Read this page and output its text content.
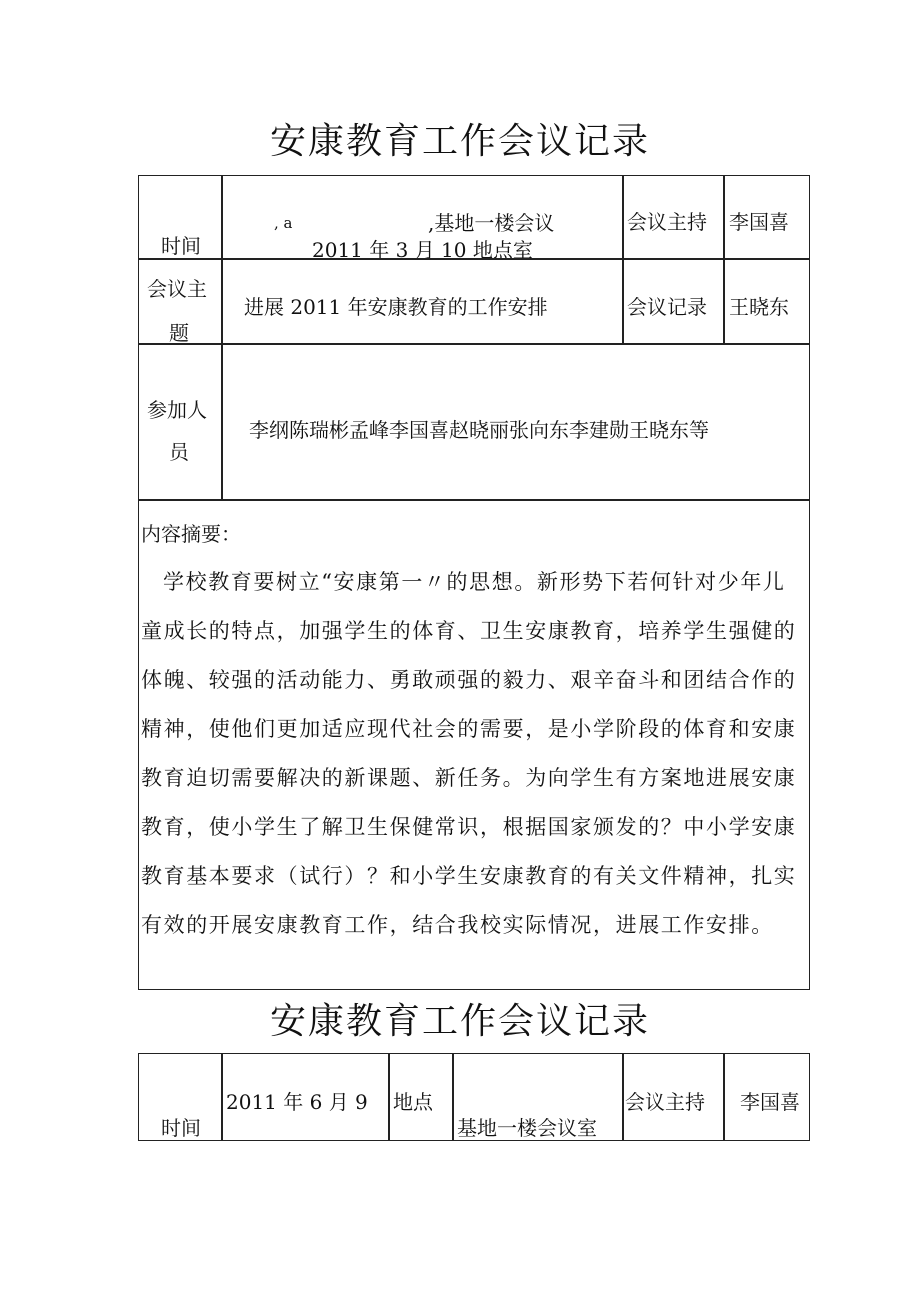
安康教育工作会议记录
时间
, a	,基地一楼会议
2011 年 3 月 10 地点室
会议主持 李国喜
会议主
题
进展 2011 年安康教育的工作安排	会议记录 王晓东
参加人
员
李纲陈瑞彬孟峰李国喜赵晓丽张向东李建勋王晓东等
内容摘要：
学校教育要树立“安康第一〃的思想。新形势下若何针对少年儿
童成长的特点，加强学生的体育、卫生安康教育，培养学生强健的
体魄、较强的活动能力、勇敢顽强的毅力、艰辛奋斗和团结合作的
精神，使他们更加适应现代社会的需要，是小学阶段的体育和安康
教育迫切需要解决的新课题、新任务。为向学生有方案地进展安康
教育，使小学生了解卫生保健常识，根据国家颁发的？中小学安康
教育基本要求（试行）？和小学生安康教育的有关文件精神，扎实
有效的开展安康教育工作，结合我校实际情况，进展工作安排。
安康教育工作会议记录
时间
2011 年 6 月 9 地点
基地一楼会议室
会议主持 李国喜
